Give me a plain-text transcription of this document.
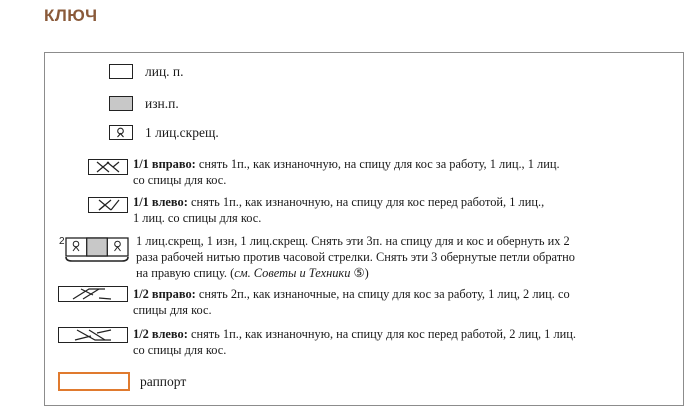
КЛЮЧ
лиц. п.
изн.п.
1 лиц.скрещ.
1/1 вправо: снять 1п., как изнаночную, на спицу для кос за работу, 1 лиц., 1 лиц.
со спицы для кос.
1/1 влево: снять 1п., как изнаночную, на спицу для кос перед работой, 1 лиц.,
1 лиц. со спицы для кос.
2	1 лиц.скрещ, 1 изн, 1 лиц.скрещ. Снять эти 3п. на спицу для и кос и обернуть их 2
раза рабочей нитью против часовой стрелки. Снять эти 3 обернутые петли обратно
на правую спицу. (см. Советы и Техники ⑤)
1/2 вправо: снять 2п., как изнаночные, на спицу для кос за работу, 1 лиц, 2 лиц. со
спицы для кос.
1/2 влево: снять 1п., как изнаночную, на спицу для кос перед работой, 2 лиц, 1 лиц.
со спицы для кос.
раппорт
